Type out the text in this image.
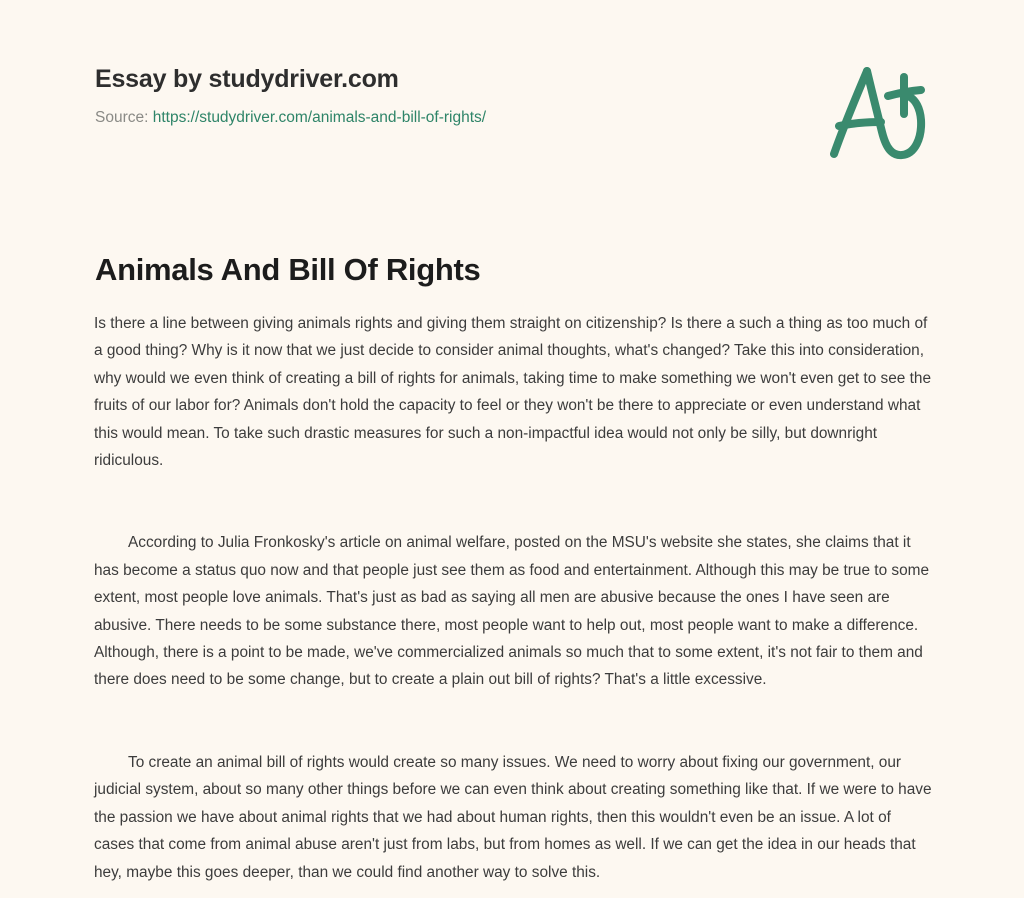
Essay by studydriver.com
Source: https://studydriver.com/animals-and-bill-of-rights/
Animals And Bill Of Rights

Is there a line between giving animals rights and giving them straight on citizenship? Is there a such a thing as too much of a good thing? Why is it now that we just decide to consider animal thoughts, what's changed? Take this into consideration, why would we even think of creating a bill of rights for animals, taking time to make something we won't even get to see the fruits of our labor for? Animals don't hold the capacity to feel or they won't be there to appreciate or even understand what this would mean. To take such drastic measures for such a non-impactful idea would not only be silly, but downright ridiculous.

According to Julia Fronkosky's article on animal welfare, posted on the MSU's website she states, she claims that it has become a status quo now and that people just see them as food and entertainment. Although this may be true to some extent, most people love animals. That's just as bad as saying all men are abusive because the ones I have seen are abusive. There needs to be some substance there, most people want to help out, most people want to make a difference. Although, there is a point to be made, we've commercialized animals so much that to some extent, it's not fair to them and there does need to be some change, but to create a plain out bill of rights? That's a little excessive.

To create an animal bill of rights would create so many issues. We need to worry about fixing our government, our judicial system, about so many other things before we can even think about creating something like that. If we were to have the passion we have about animal rights that we had about human rights, then this wouldn't even be an issue. A lot of cases that come from animal abuse aren't just from labs, but from homes as well. If we can get the idea in our heads that hey, maybe this goes deeper, than we could find another way to solve this.
